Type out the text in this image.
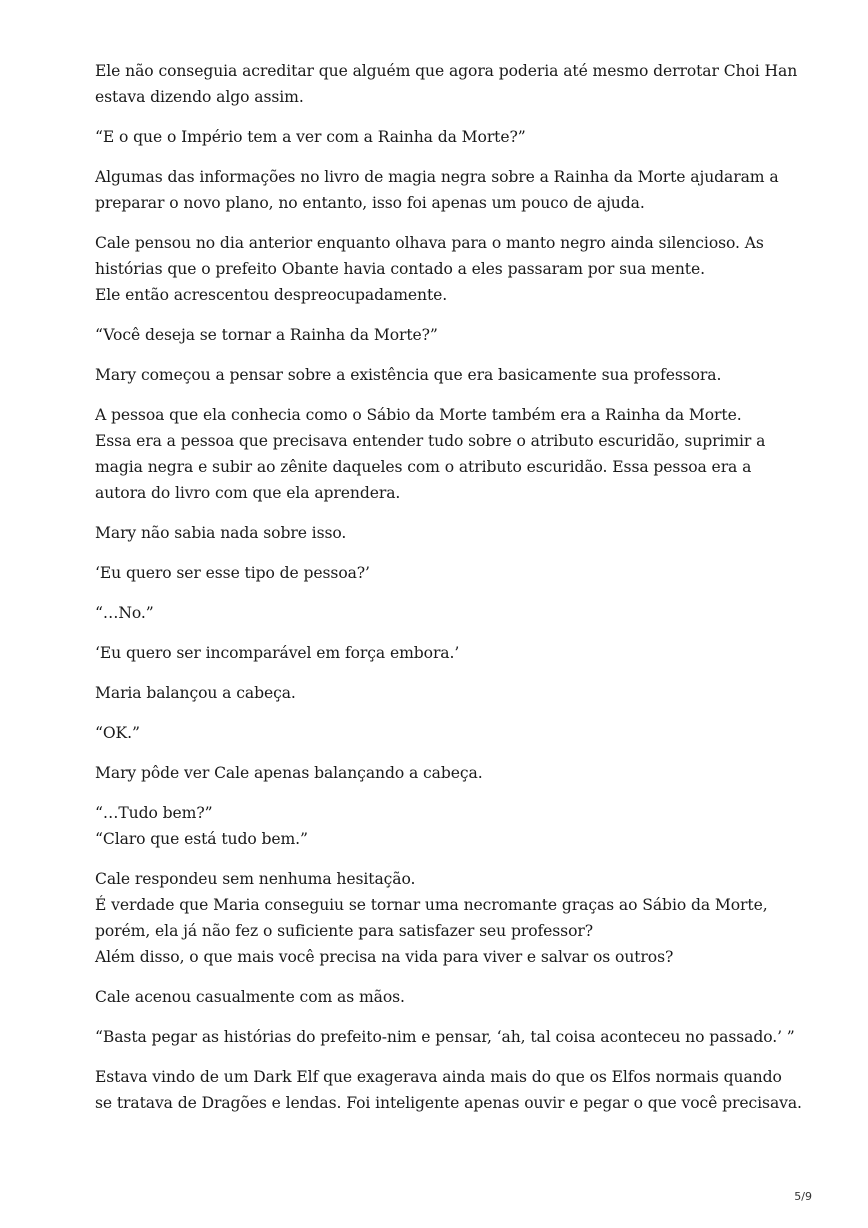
Ele não conseguia acreditar que alguém que agora poderia até mesmo derrotar Choi Han
estava dizendo algo assim.

“E o que o Império tem a ver com a Rainha da Morte?”

Algumas das informações no livro de magia negra sobre a Rainha da Morte ajudaram a
preparar o novo plano, no entanto, isso foi apenas um pouco de ajuda.

Cale pensou no dia anterior enquanto olhava para o manto negro ainda silencioso. As
histórias que o prefeito Obante havia contado a eles passaram por sua mente.
Ele então acrescentou despreocupadamente.

“Você deseja se tornar a Rainha da Morte?”

Mary começou a pensar sobre a existência que era basicamente sua professora.

A pessoa que ela conhecia como o Sábio da Morte também era a Rainha da Morte.
Essa era a pessoa que precisava entender tudo sobre o atributo escuridão, suprimir a
magia negra e subir ao zênite daqueles com o atributo escuridão. Essa pessoa era a
autora do livro com que ela aprendera.

Mary não sabia nada sobre isso.

‘Eu quero ser esse tipo de pessoa?’

“…No.”

‘Eu quero ser incomparável em força embora.’

Maria balançou a cabeça.

“OK.”

Mary pôde ver Cale apenas balançando a cabeça.

“…Tudo bem?”
“Claro que está tudo bem.”

Cale respondeu sem nenhuma hesitação.
É verdade que Maria conseguiu se tornar uma necromante graças ao Sábio da Morte,
porém, ela já não fez o suficiente para satisfazer seu professor?
Além disso, o que mais você precisa na vida para viver e salvar os outros?

Cale acenou casualmente com as mãos.

“Basta pegar as histórias do prefeito-nim e pensar, ‘ah, tal coisa aconteceu no passado.’ ”

Estava vindo de um Dark Elf que exagerava ainda mais do que os Elfos normais quando
se tratava de Dragões e lendas. Foi inteligente apenas ouvir e pegar o que você precisava.

5/9
